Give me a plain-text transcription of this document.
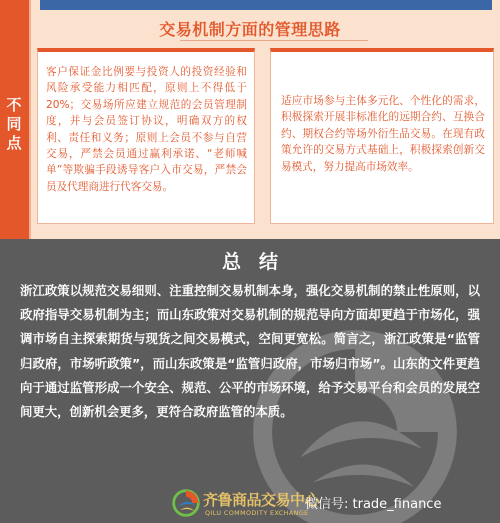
不
同
点
交易机制方面的管理思路
客户保证金比例要与投资人的投资经验和风险承受能力相匹配，原则上不得低于20%；交易场所应建立规范的会员管理制度，并与会员签订协议，明确双方的权利、责任和义务；原则上会员不参与自营交易，严禁会员通过赢利承诺、“老师喊单”等欺骗手段诱导客户入市交易，严禁会员及代理商进行代客交易。
适应市场参与主体多元化、个性化的需求，积极探索开展非标准化的远期合约、互换合约、期权合约等场外衍生品交易。在现有政策允许的交易方式基础上，积极探索创新交易模式，努力提高市场效率。
总结
浙江政策以规范交易细则、注重控制交易机制本身，强化交易机制的禁止性原则，以政府指导交易机制为主；而山东政策对交易机制的规范导向方面却更趋于市场化，强调市场自主探索期货与现货之间交易模式，空间更宽松。简言之，浙江政策是“监管归政府，市场听政策”，而山东政策是“监管归政府，市场归市场”。山东的文件更趋向于通过监管形成一个安全、规范、公平的市场环境，给予交易平台和会员的发展空间更大，创新机会更多，更符合政府监管的本质。
齐鲁商品交易中心
QILU COMMODITY EXCHANGE
微信号: trade_finance
